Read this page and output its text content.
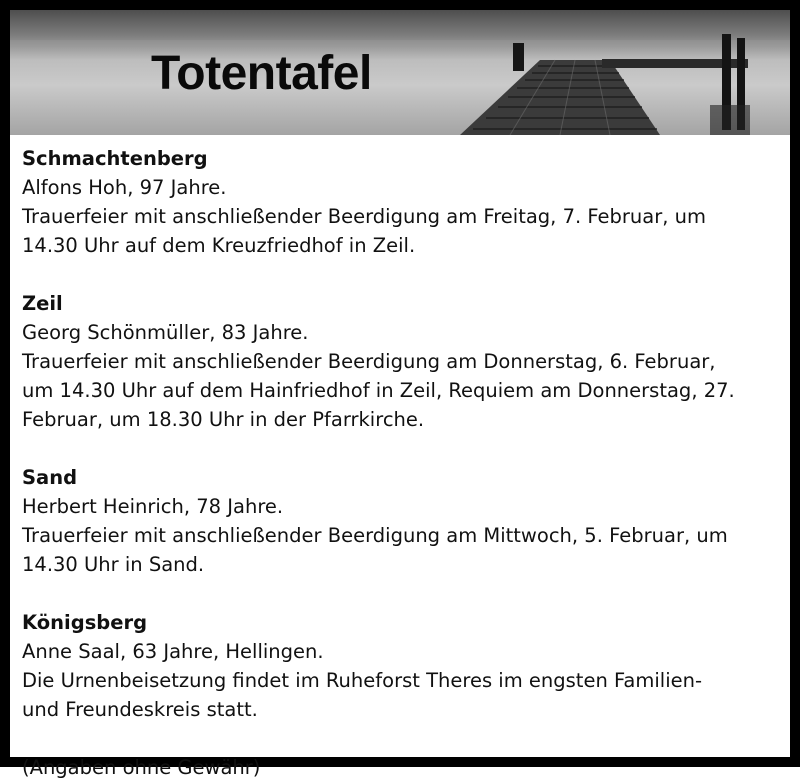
Totentafel
Schmachtenberg
Alfons Hoh, 97 Jahre.
Trauerfeier mit anschließender Beerdigung am Freitag, 7. Februar, um
14.30 Uhr auf dem Kreuzfriedhof in Zeil.
Zeil
Georg Schönmüller, 83 Jahre.
Trauerfeier mit anschließender Beerdigung am Donnerstag, 6. Februar,
um 14.30 Uhr auf dem Hainfriedhof in Zeil, Requiem am Donnerstag, 27.
Februar, um 18.30 Uhr in der Pfarrkirche.
Sand
Herbert Heinrich, 78 Jahre.
Trauerfeier mit anschließender Beerdigung am Mittwoch, 5. Februar, um
14.30 Uhr in Sand.
Königsberg
Anne Saal, 63 Jahre, Hellingen.
Die Urnenbeisetzung findet im Ruheforst Theres im engsten Familien-
und Freundeskreis statt.
(Angaben ohne Gewähr)
